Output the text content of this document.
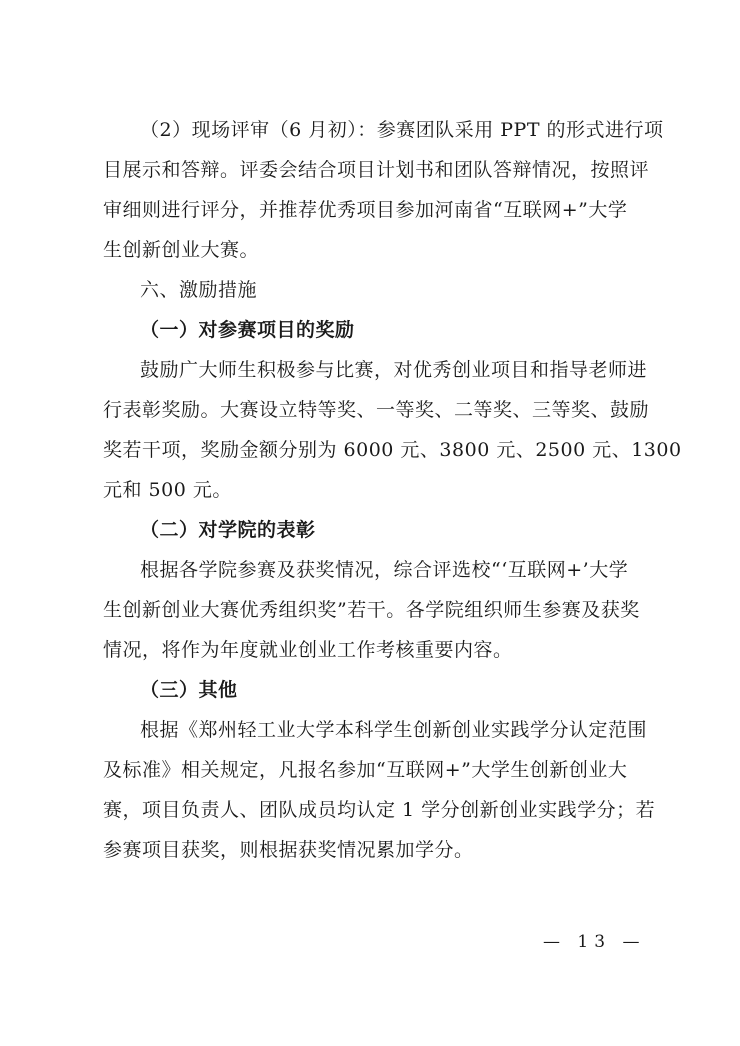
（2）现场评审（6 月初）：参赛团队采用 PPT 的形式进行项
目展示和答辩。评委会结合项目计划书和团队答辩情况，按照评
审细则进行评分，并推荐优秀项目参加河南省“互联网+”大学
生创新创业大赛。
六、激励措施
（一）对参赛项目的奖励
鼓励广大师生积极参与比赛，对优秀创业项目和指导老师进
行表彰奖励。大赛设立特等奖、一等奖、二等奖、三等奖、鼓励
奖若干项，奖励金额分别为 6000 元、3800 元、2500 元、1300
元和 500 元。
（二）对学院的表彰
根据各学院参赛及获奖情况，综合评选校“‘互联网+’大学
生创新创业大赛优秀组织奖”若干。各学院组织师生参赛及获奖
情况，将作为年度就业创业工作考核重要内容。
（三）其他
根据《郑州轻工业大学本科学生创新创业实践学分认定范围
及标准》相关规定，凡报名参加“互联网+”大学生创新创业大
赛，项目负责人、团队成员均认定 1 学分创新创业实践学分；若
参赛项目获奖，则根据获奖情况累加学分。
— 13 —
